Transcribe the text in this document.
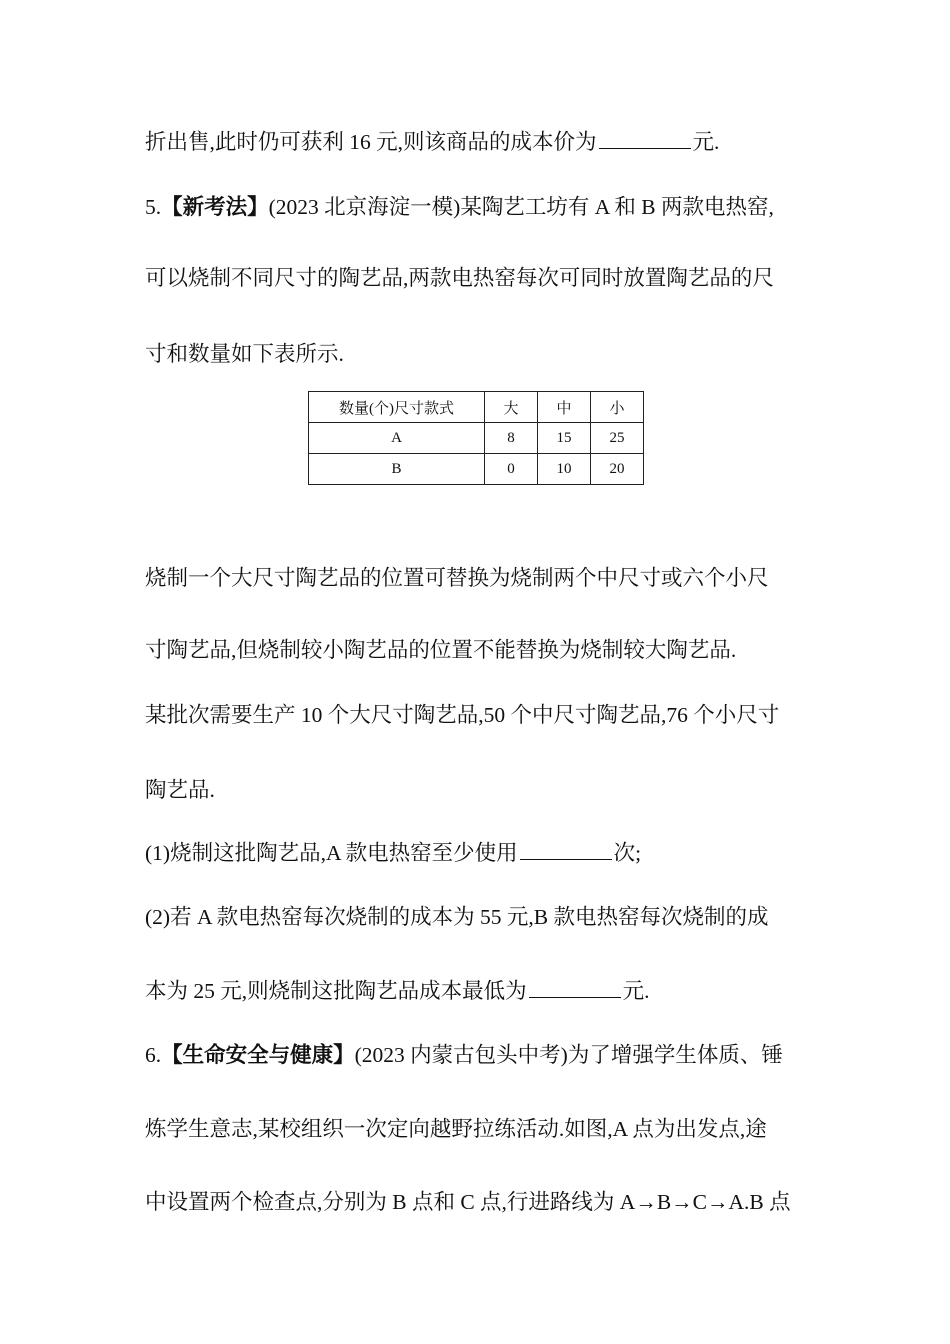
折出售,此时仍可获利 16 元,则该商品的成本价为	元.
5.【新考法】(2023 北京海淀一模)某陶艺工坊有 A 和 B 两款电热窑,
可以烧制不同尺寸的陶艺品,两款电热窑每次可同时放置陶艺品的尺
寸和数量如下表所示.
数量(个)尺寸款式	大	中	小
A	8	15	25
B	0	10	20
烧制一个大尺寸陶艺品的位置可替换为烧制两个中尺寸或六个小尺
寸陶艺品,但烧制较小陶艺品的位置不能替换为烧制较大陶艺品.
某批次需要生产 10 个大尺寸陶艺品,50 个中尺寸陶艺品,76 个小尺寸
陶艺品.
(1)烧制这批陶艺品,A 款电热窑至少使用	次;
(2)若 A 款电热窑每次烧制的成本为 55 元,B 款电热窑每次烧制的成
本为 25 元,则烧制这批陶艺品成本最低为	元.
6.【生命安全与健康】(2023 内蒙古包头中考)为了增强学生体质、锤
炼学生意志,某校组织一次定向越野拉练活动.如图,A 点为出发点,途
中设置两个检查点,分别为 B 点和 C 点,行进路线为 A→B→C→A.B 点
